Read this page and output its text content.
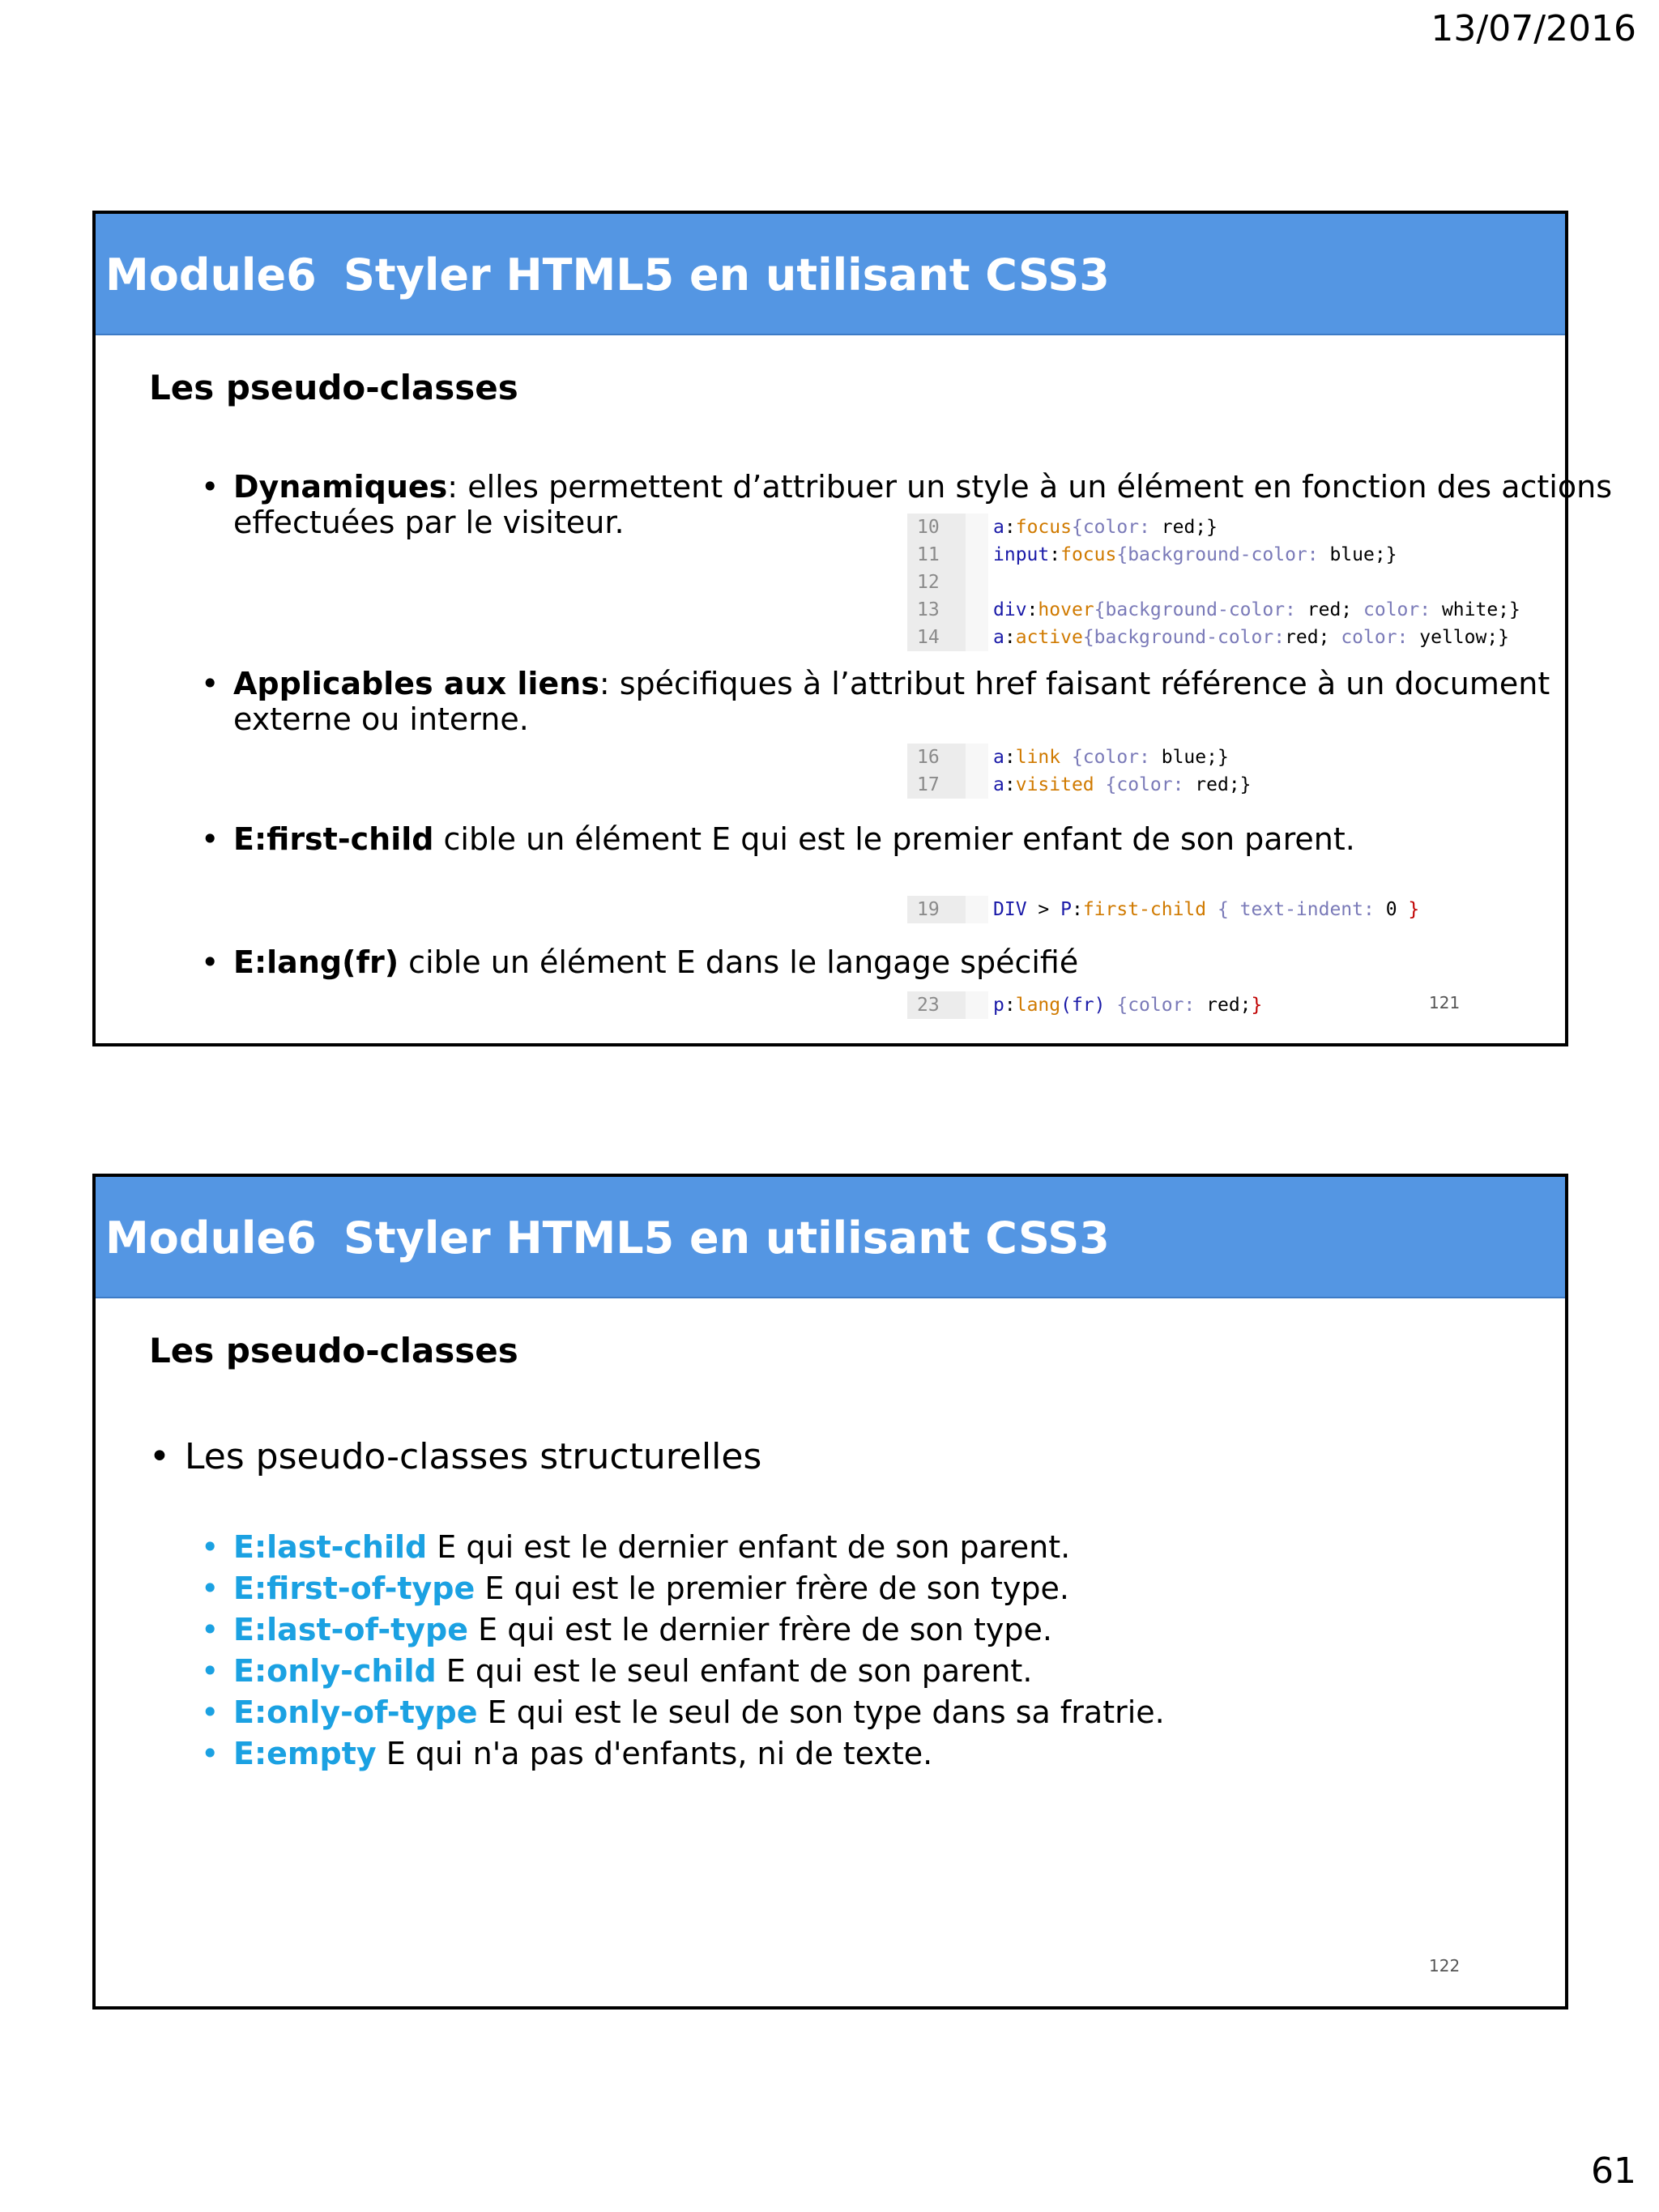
13/07/2016
Module6 Styler HTML5 en utilisant CSS3
Les pseudo-classes
• Dynamiques: elles permettent d’attribuer un style à un élément en fonction des actions effectuées par le visiteur.	10	a:focus{color: red;}
11	input:focus{background-color: blue;}
12
13	div:hover{background-color: red; color: white;}
14	a:active{background-color:red; color: yellow;}
• Applicables aux liens: spécifiques à l’attribut href faisant référence à un document externe ou interne.
16	a:link {color: blue;}
17	a:visited {color: red;}
• E:first-child cible un élément E qui est le premier enfant de son parent.
19	DIV > P:first-child { text-indent: 0 }
• E:lang(fr) cible un élément E dans le langage spécifié
23	p:lang(fr) {color: red;}	121
Module6 Styler HTML5 en utilisant CSS3
Les pseudo-classes
• Les pseudo-classes structurelles
• E:last-child E qui est le dernier enfant de son parent.
• E:first-of-type E qui est le premier frère de son type.
• E:last-of-type E qui est le dernier frère de son type.
• E:only-child E qui est le seul enfant de son parent.
• E:only-of-type E qui est le seul de son type dans sa fratrie.
• E:empty E qui n'a pas d'enfants, ni de texte.
122
61
